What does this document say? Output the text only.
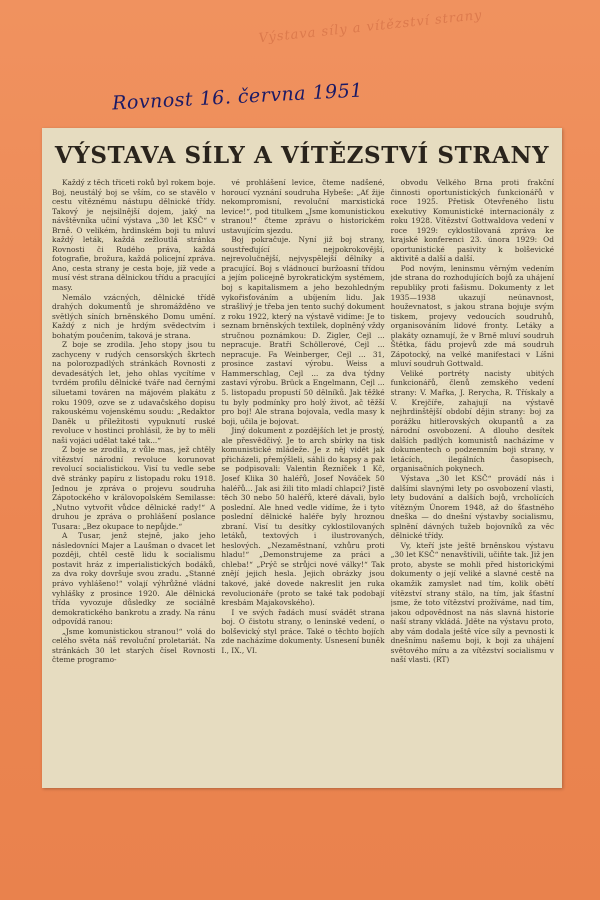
Výstava síly a vítězství strany
Rovnost 16. června 1951
VÝSTAVA SÍLY A VÍTĚZSTVÍ STRANY

Každý z těch třiceti roků byl rokem boje. Boj, neustálý boj se vším, co se stavělo v cestu vítěznému nástupu dělnické třídy. Takový je nejsilnější dojem, jaký na návštěvníka učiní výstava „30 let KSČ“ v Brně. O velikém, hrdinském boji tu mluví každý leták, každá zežloutlá stránka Rovnosti či Rudého práva, každá fotografie, brožura, každá policejní zpráva. Ano, cesta strany je cesta boje, jíž vede a musí vést strana dělnickou třídu a pracující masy.

Nemálo vzácných, dělnické třídě drahých dokumentů je shromážděno ve světlých síních brněnského Domu umění. Každý z nich je hrdým svědectvím i bohatým poučením, taková je strana.

Z boje se zrodila. Jeho stopy jsou tu zachyceny v rudých censorských škrtech na polorozpadlých stránkách Rovnosti z devadesátých let, jeho ohlas vycítíme v tvrdém profilu dělnické tváře nad černými siluetami továren na májovém plakátu z roku 1909, ozve se z udavačského dopisu rakouskému vojenskému soudu: „Redaktor Daněk u příležitosti vypuknutí ruské revoluce v hostinci prohlásil, že by to měli naši vojáci udělat také tak...“

Z boje se zrodila, z vůle mas, jež chtěly vítězství národní revoluce korunovat revolucí socialistickou. Visí tu vedle sebe dvě stránky papíru z listopadu roku 1918. Jednou je zpráva o projevu soudruha Zápotockého v královopolském Semilasse: „Nutno vytvořit vůdce dělnické rady!“ A druhou je zpráva o prohlášení poslance Tusara: „Bez okupace to nepůjde.“

A Tusar, jenž stejně, jako jeho následovníci Majer a Laušman o dvacet let později, chtěl cestě lidu k socialismu postavit hráz z imperialistických bodáků, za dva roky dovršuje svou zradu. „Stanné právo vyhlášeno!“ volají výhrůžné vládní vyhlášky z prosince 1920. Ale dělnická třída vyvozuje důsledky ze sociálně demokratického bankrotu a zrady. Na ránu odpovídá ranou:

„Jsme komunistickou stranou!“ volá do celého světa náš revoluční proletariát. Na stránkách 30 let starých čísel Rovnosti čteme programo-

vé prohlášení levice, čteme nadšené, horoucí vyznání soudruha Hybeše: „Ať žije nekompromisní, revoluční marxistická levice!“, pod titulkem „Jsme komunistickou stranou!“ čteme zprávu o historickém ustavujícím sjezdu.

Boj pokračuje. Nyní již boj strany, soustřeďující nejpokrokovější, nejrevolučnější, nejvyspělejší dělníky a pracující. Boj s vládnoucí buržoasní třídou a jejím policejně byrokratickým systémem, boj s kapitalismem a jeho bezohledným vykořisťováním a ubíjením lidu. Jak strašlivý je třeba jen tento suchý dokument z roku 1922, který na výstavě vidíme: Je to seznam brněnských textilek, doplněný vždy stručnou poznámkou: D. Zigler, Cejl ... nepracuje. Bratři Schöllerové, Cejl ... nepracuje. Fa Weinberger, Cejl ... 31, prosince zastaví výrobu. Weiss a Hammerschlag, Cejl ... za dva týdny zastaví výrobu. Brück a Engelmann, Cejl ... 5. listopadu propustí 50 dělníků. Jak těžké tu byly podmínky pro holý život, ač těžší pro boj! Ale strana bojovala, vedla masy k boji, učila je bojovat.

Jiný dokument z pozdějších let je prostý, ale přesvědčivý. Je to arch sbírky na tisk komunistické mládeže. Je z něj vidět jak přicházeli, přemýšleli, sáhli do kapsy a pak se podpisovali: Valentin Řezníček 1 Kč, Josef Klika 30 haléřů, Josef Nováček 50 haléřů... Jak asi žili tito mladí chlapci? Jistě těch 30 nebo 50 haléřů, které dávali, bylo poslední. Ale hned vedle vidíme, že i tyto poslední dělnické haléře byly hroznou zbraní. Visí tu desítky cyklostilovaných letáků, textových i ilustrovaných, heslových. „Nezaměstnaní, vzhůru proti hladu!“ „Demonstrujeme za práci a chleba!“ „Prýč se strůjci nové války!“ Tak znějí jejich hesla. Jejich obrázky jsou takové, jaké dovede nakreslit jen ruka revolucionáře (proto se také tak podobají kresbám Majakovského).

I ve svých řadách musí svádět strana boj. O čistotu strany, o leninské vedení, o bolševický styl práce. Také o těchto bojích zde nacházíme dokumenty. Usnesení buněk I., IX., VI.

obvodu Velkého Brna proti frakční činnosti oportunistických funkcionářů v roce 1925. Přetisk Otevřeného listu exekutivy Komunistické internacionály z roku 1928. Vítězství Gottwaldova vedení v roce 1929: cyklostilovaná zpráva ke krajské konferenci 23. února 1929: Od oportunistické pasivity k bolševické aktivitě a další a další.

Pod novým, leninsmu věrným vedením jde strana do rozhodujících bojů za uhájení republiky proti fašismu. Dokumenty z let 1935—1938 ukazují neúnavnost, houževnatost, s jakou strana bojuje svým tiskem, projevy vedoucích soudruhů, organisováním lidové fronty. Letáky a plakáty oznamují, že v Brně mluví soudruh Štětka, fádu projevů zde má soudruh Zápotocký, na velké manifestaci v Líšni mluví soudruh Gottwald.

Veliké portréty nacisty ubitých funkcionářů, členů zemského vedení strany: V. Mařka, J. Rerycha, R. Třískaly a V. Krejčíře, zahajují na výstavě nejhrdinštější období dějin strany: boj za porážku hitlerovských okupantů a za národní osvobození. A dlouho desítek dalších padlých komunistů nacházíme v dokumentech o podzemním boji strany, v letácích, ilegálních časopisech, organisačních pokynech.

Výstava „30 let KSČ“ provádí nás i dalšími slavnými lety po osvobození vlasti, lety budování a dalších bojů, vrcholících vítězným Únorem 1948, až do šťastného dneška — do dnešní výstavby socialismu, splnění dávných tužeb bojovníků za věc dělnické třídy.

Vy, kteří jste ještě brněnskou výstavu „30 let KSČ“ nenavštívili, učiňte tak. Již jen proto, abyste se mohli před historickými dokumenty o její veliké a slavné cestě na okamžik zamyslet nad tím, kolik obětí vítězství strany stálo, na tím, jak šťastní jsme, že toto vítězství prožíváme, nad tím, jakou odpovědnost na nás slavná historie naší strany vkládá. Jděte na výstavu proto, aby vám dodala ještě více síly a pevnosti k dnešnímu našemu boji, k boji za uhájení světového míru a za vítězství socialismu v naší vlasti. (RT)
